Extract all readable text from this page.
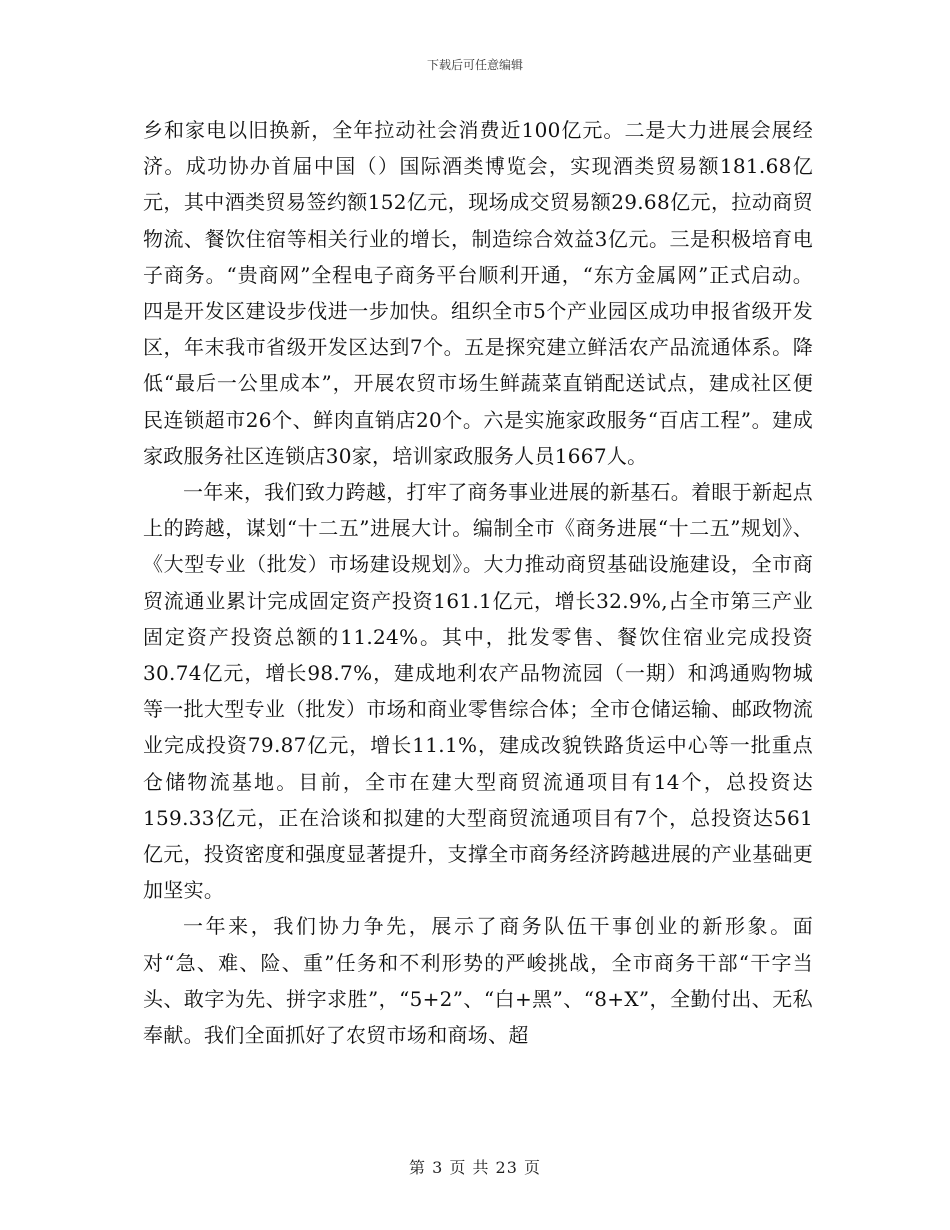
下载后可任意编辑

乡和家电以旧换新，全年拉动社会消费近100亿元。二是大力进展会展经济。成功协办首届中国（）国际酒类博览会，实现酒类贸易额181.68亿元，其中酒类贸易签约额152亿元，现场成交贸易额29.68亿元，拉动商贸物流、餐饮住宿等相关行业的增长，制造综合效益3亿元。三是积极培育电子商务。“贵商网”全程电子商务平台顺利开通，“东方金属网”正式启动。四是开发区建设步伐进一步加快。组织全市5个产业园区成功申报省级开发区，年末我市省级开发区达到7个。五是探究建立鲜活农产品流通体系。降低“最后一公里成本”，开展农贸市场生鲜蔬菜直销配送试点，建成社区便民连锁超市26个、鲜肉直销店20个。六是实施家政服务“百店工程”。建成家政服务社区连锁店30家，培训家政服务人员1667人。

一年来，我们致力跨越，打牢了商务事业进展的新基石。着眼于新起点上的跨越，谋划“十二五”进展大计。编制全市《商务进展“十二五”规划》、《大型专业（批发）市场建设规划》。大力推动商贸基础设施建设，全市商贸流通业累计完成固定资产投资161.1亿元，增长32.9%,占全市第三产业固定资产投资总额的11.24%。其中，批发零售、餐饮住宿业完成投资30.74亿元，增长98.7%，建成地利农产品物流园（一期）和鸿通购物城等一批大型专业（批发）市场和商业零售综合体；全市仓储运输、邮政物流业完成投资79.87亿元，增长11.1%，建成改貌铁路货运中心等一批重点仓储物流基地。目前，全市在建大型商贸流通项目有14个，总投资达159.33亿元，正在洽谈和拟建的大型商贸流通项目有7个，总投资达561亿元，投资密度和强度显著提升，支撑全市商务经济跨越进展的产业基础更加坚实。

一年来，我们协力争先，展示了商务队伍干事创业的新形象。面对“急、难、险、重”任务和不利形势的严峻挑战，全市商务干部“干字当头、敢字为先、拼字求胜”，“5+2”、“白+黑”、“8+X”，全勤付出、无私奉献。我们全面抓好了农贸市场和商场、超

第 3 页 共 23 页
